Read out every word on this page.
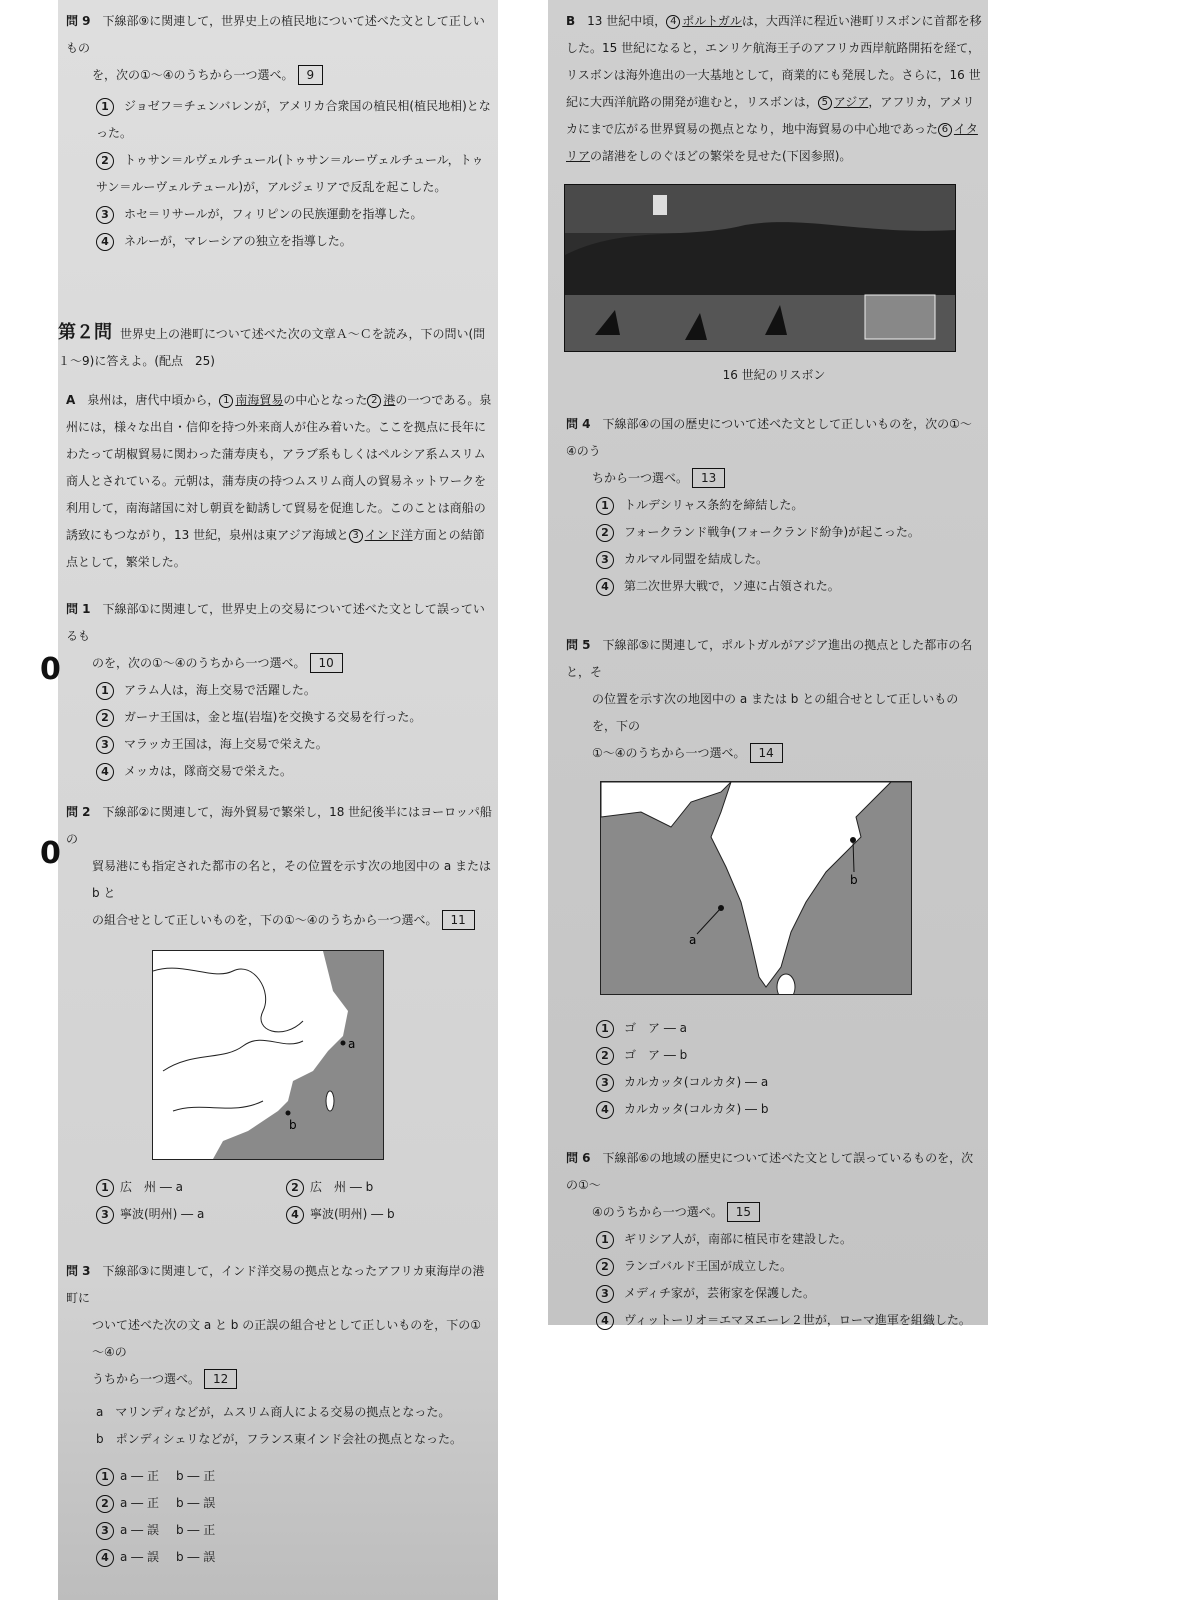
問 9　 下線部⑨に関連して，世界史上の植民地について述べた文として正しいもの
を，次の①～④のうちから一つ選べ。 9

1 ジョゼフ＝チェンバレンが，アメリカ合衆国の植民相(植民地相)となった。

2 トゥサン＝ルヴェルチュール(トゥサン＝ルーヴェルチュール，トゥサン＝ルーヴェルテュール)が，アルジェリアで反乱を起こした。

3 ホセ＝リサールが，フィリピンの民族運動を指導した。

4 ネルーが，マレーシアの独立を指導した。

第２問 世界史上の港町について述べた次の文章Ａ～Ｃを読み，下の問い(問１～9)に答えよ。(配点　25)

A　 泉州は，唐代中頃から， 1 南海貿易の中心となった 2 港の一つである。泉州には，様々な出自・信仰を持つ外来商人が住み着いた。ここを拠点に長年にわたって胡椒貿易に関わった蒲寿庚も，アラブ系もしくはペルシア系ムスリム商人とされている。元朝は，蒲寿庚の持つムスリム商人の貿易ネットワークを利用して，南海諸国に対し朝貢を勧誘して貿易を促進した。このことは商船の誘致にもつながり，13 世紀，泉州は東アジア海域と 3 インド洋方面との結節点として，繁栄した。

問 1　 下線部①に関連して，世界史上の交易について述べた文として誤っているも
のを，次の①～④のうちから一つ選べ。 10

1 アラム人は，海上交易で活躍した。

2 ガーナ王国は，金と塩(岩塩)を交換する交易を行った。

3 マラッカ王国は，海上交易で栄えた。

4 メッカは，隊商交易で栄えた。

問 2　 下線部②に関連して，海外貿易で繁栄し，18 世紀後半にはヨーロッパ船の
貿易港にも指定された都市の名と，その位置を示す次の地図中の a または b と
の組合せとして正しいものを，下の①～④のうちから一つ選べ。 11

a
b
1 広　州 ― a	2 広　州 ― b
3 寧波(明州) ― a	4 寧波(明州) ― b

問 3　 下線部③に関連して，インド洋交易の拠点となったアフリカ東海岸の港町に
ついて述べた次の文 a と b の正誤の組合せとして正しいものを，下の①～④の
うちから一つ選べ。 12

a　マリンディなどが，ムスリム商人による交易の拠点となった。

b　ポンディシェリなどが，フランス東インド会社の拠点となった。

1 a ― 正	b ― 正
2 a ― 正	b ― 誤
3 a ― 誤	b ― 正
4 a ― 誤	b ― 誤
0
0

B　 13 世紀中頃， 4 ポルトガルは，大西洋に程近い港町リスボンに首都を移した。15 世紀になると，エンリケ航海王子のアフリカ西岸航路開拓を経て，リスボンは海外進出の一大基地として，商業的にも発展した。さらに，16 世紀に大西洋航路の開発が進むと，リスボンは， 5 アジア，アフリカ，アメリカにまで広がる世界貿易の拠点となり，地中海貿易の中心地であった 6 イタリアの諸港をしのぐほどの繁栄を見せた(下図参照)。

16 世紀のリスボン

問 4　 下線部④の国の歴史について述べた文として正しいものを，次の①～④のう
ちから一つ選べ。 13

1 トルデシリャス条約を締結した。

2 フォークランド戦争(フォークランド紛争)が起こった。

3 カルマル同盟を結成した。

4 第二次世界大戦で，ソ連に占領された。

問 5　 下線部⑤に関連して，ポルトガルがアジア進出の拠点とした都市の名と，そ
の位置を示す次の地図中の a または b との組合せとして正しいものを，下の
①～④のうちから一つ選べ。 14

a
b

1 ゴ　ア ― a

2 ゴ　ア ― b

3 カルカッタ(コルカタ) ― a

4 カルカッタ(コルカタ) ― b

問 6　 下線部⑥の地域の歴史について述べた文として誤っているものを，次の①～
④のうちから一つ選べ。 15

1 ギリシア人が，南部に植民市を建設した。

2 ランゴバルド王国が成立した。

3 メディチ家が，芸術家を保護した。

4 ヴィットーリオ＝エマヌエーレ２世が，ローマ進軍を組織した。
